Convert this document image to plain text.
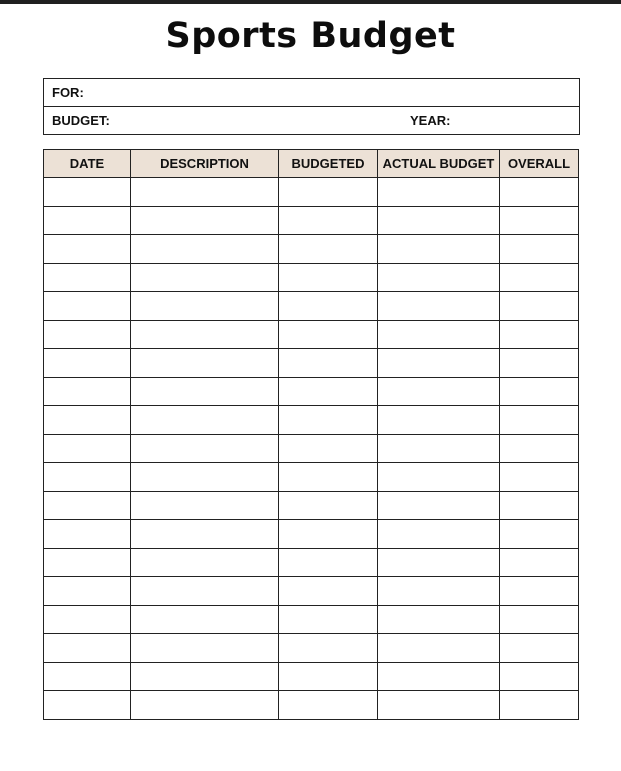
Sports Budget
FOR:
BUDGET:	YEAR:
DATE	DESCRIPTION	BUDGETED	ACTUAL BUDGET	OVERALL
